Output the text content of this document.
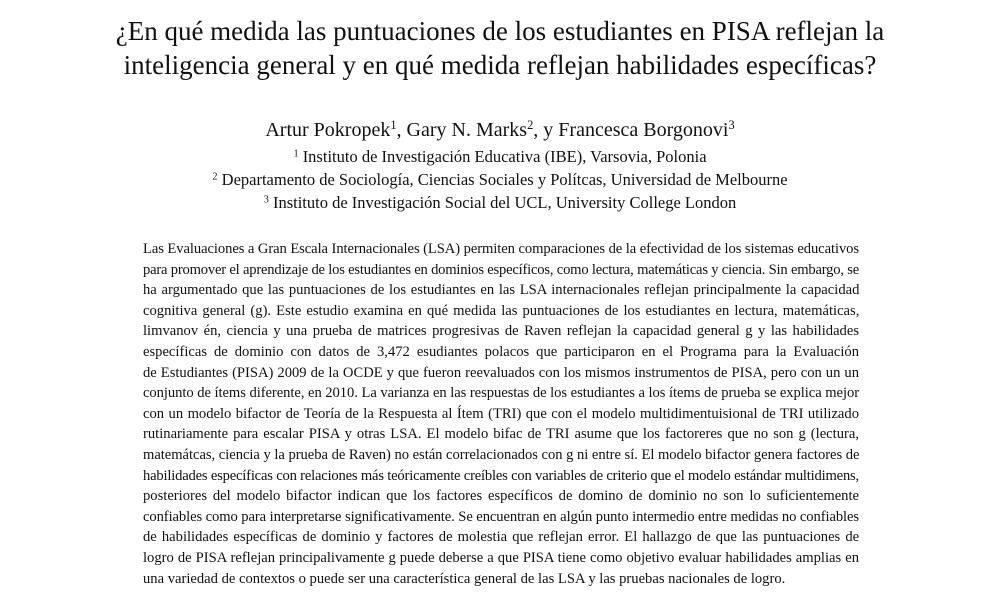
¿En qué medida las puntuaciones de los estudiantes en PISA reflejan la
inteligencia general y en qué medida reflejan habilidades específicas?
Artur Pokropek$^1$, Gary N. Marks$^2$, y Francesca Borgonovi$^3$
$^1$ Instituto de Investigación Educativa (IBE), Varsovia, Polonia
$^2$ Departamento de Sociología, Ciencias Sociales y Polítcas, Universidad de Melbourne
$^3$ Instituto de Investigación Social del UCL, University College London
Las Evaluaciones a Gran Escala Internacionales (LSA) permiten comparaciones de la efectividad de los sistemas educativos
para promover el aprendizaje de los estudiantes en dominios específicos, como lectura, matemáticas y ciencia. Sin embargo, se
ha argumentado que las puntuaciones de los estudiantes en las LSA internacionales reflejan principalmente la capacidad
cognitiva general (g). Este estudio examina en qué medida las puntuaciones de los estudiantes en lectura, matemáticas,
limvanov én, ciencia y una prueba de matrices progresivas de Raven reflejan la capacidad general g y las habilidades
específicas de dominio con datos de 3,472 esudiantes polacos que participaron en el Programa para la Evaluación
de Estudiantes (PISA) 2009 de la OCDE y que fueron reevaluados con los mismos instrumentos de PISA, pero con un un
conjunto de ítems diferente, en 2010. La varianza en las respuestas de los estudiantes a los ítems de prueba se explica mejor
con un modelo bifactor de Teoría de la Respuesta al Ítem (TRI) que con el modelo multidimentuisional de TRI utilizado
rutinariamente para escalar PISA y otras LSA. El modelo bifac de TRI asume que los factoreres que no son g (lectura,
matemátcas, ciencia y la prueba de Raven) no están correlacionados con g ni entre sí. El modelo bifactor genera factores de
habilidades específicas con relaciones más teóricamente creíbles con variables de criterio que el modelo estándar multidimens,
posteriores del modelo bifactor indican que los factores específicos de domino de dominio no son lo suficientemente
confiables como para interpretarse significativamente. Se encuentran en algún punto intermedio entre medidas no confiables
de habilidades específicas de dominio y factores de molestia que reflejan error. El hallazgo de que las puntuaciones de
logro de PISA reflejan principalivamente g puede deberse a que PISA tiene como objetivo evaluar habilidades amplias en
una variedad de contextos o puede ser una característica general de las LSA y las pruebas nacionales de logro.
